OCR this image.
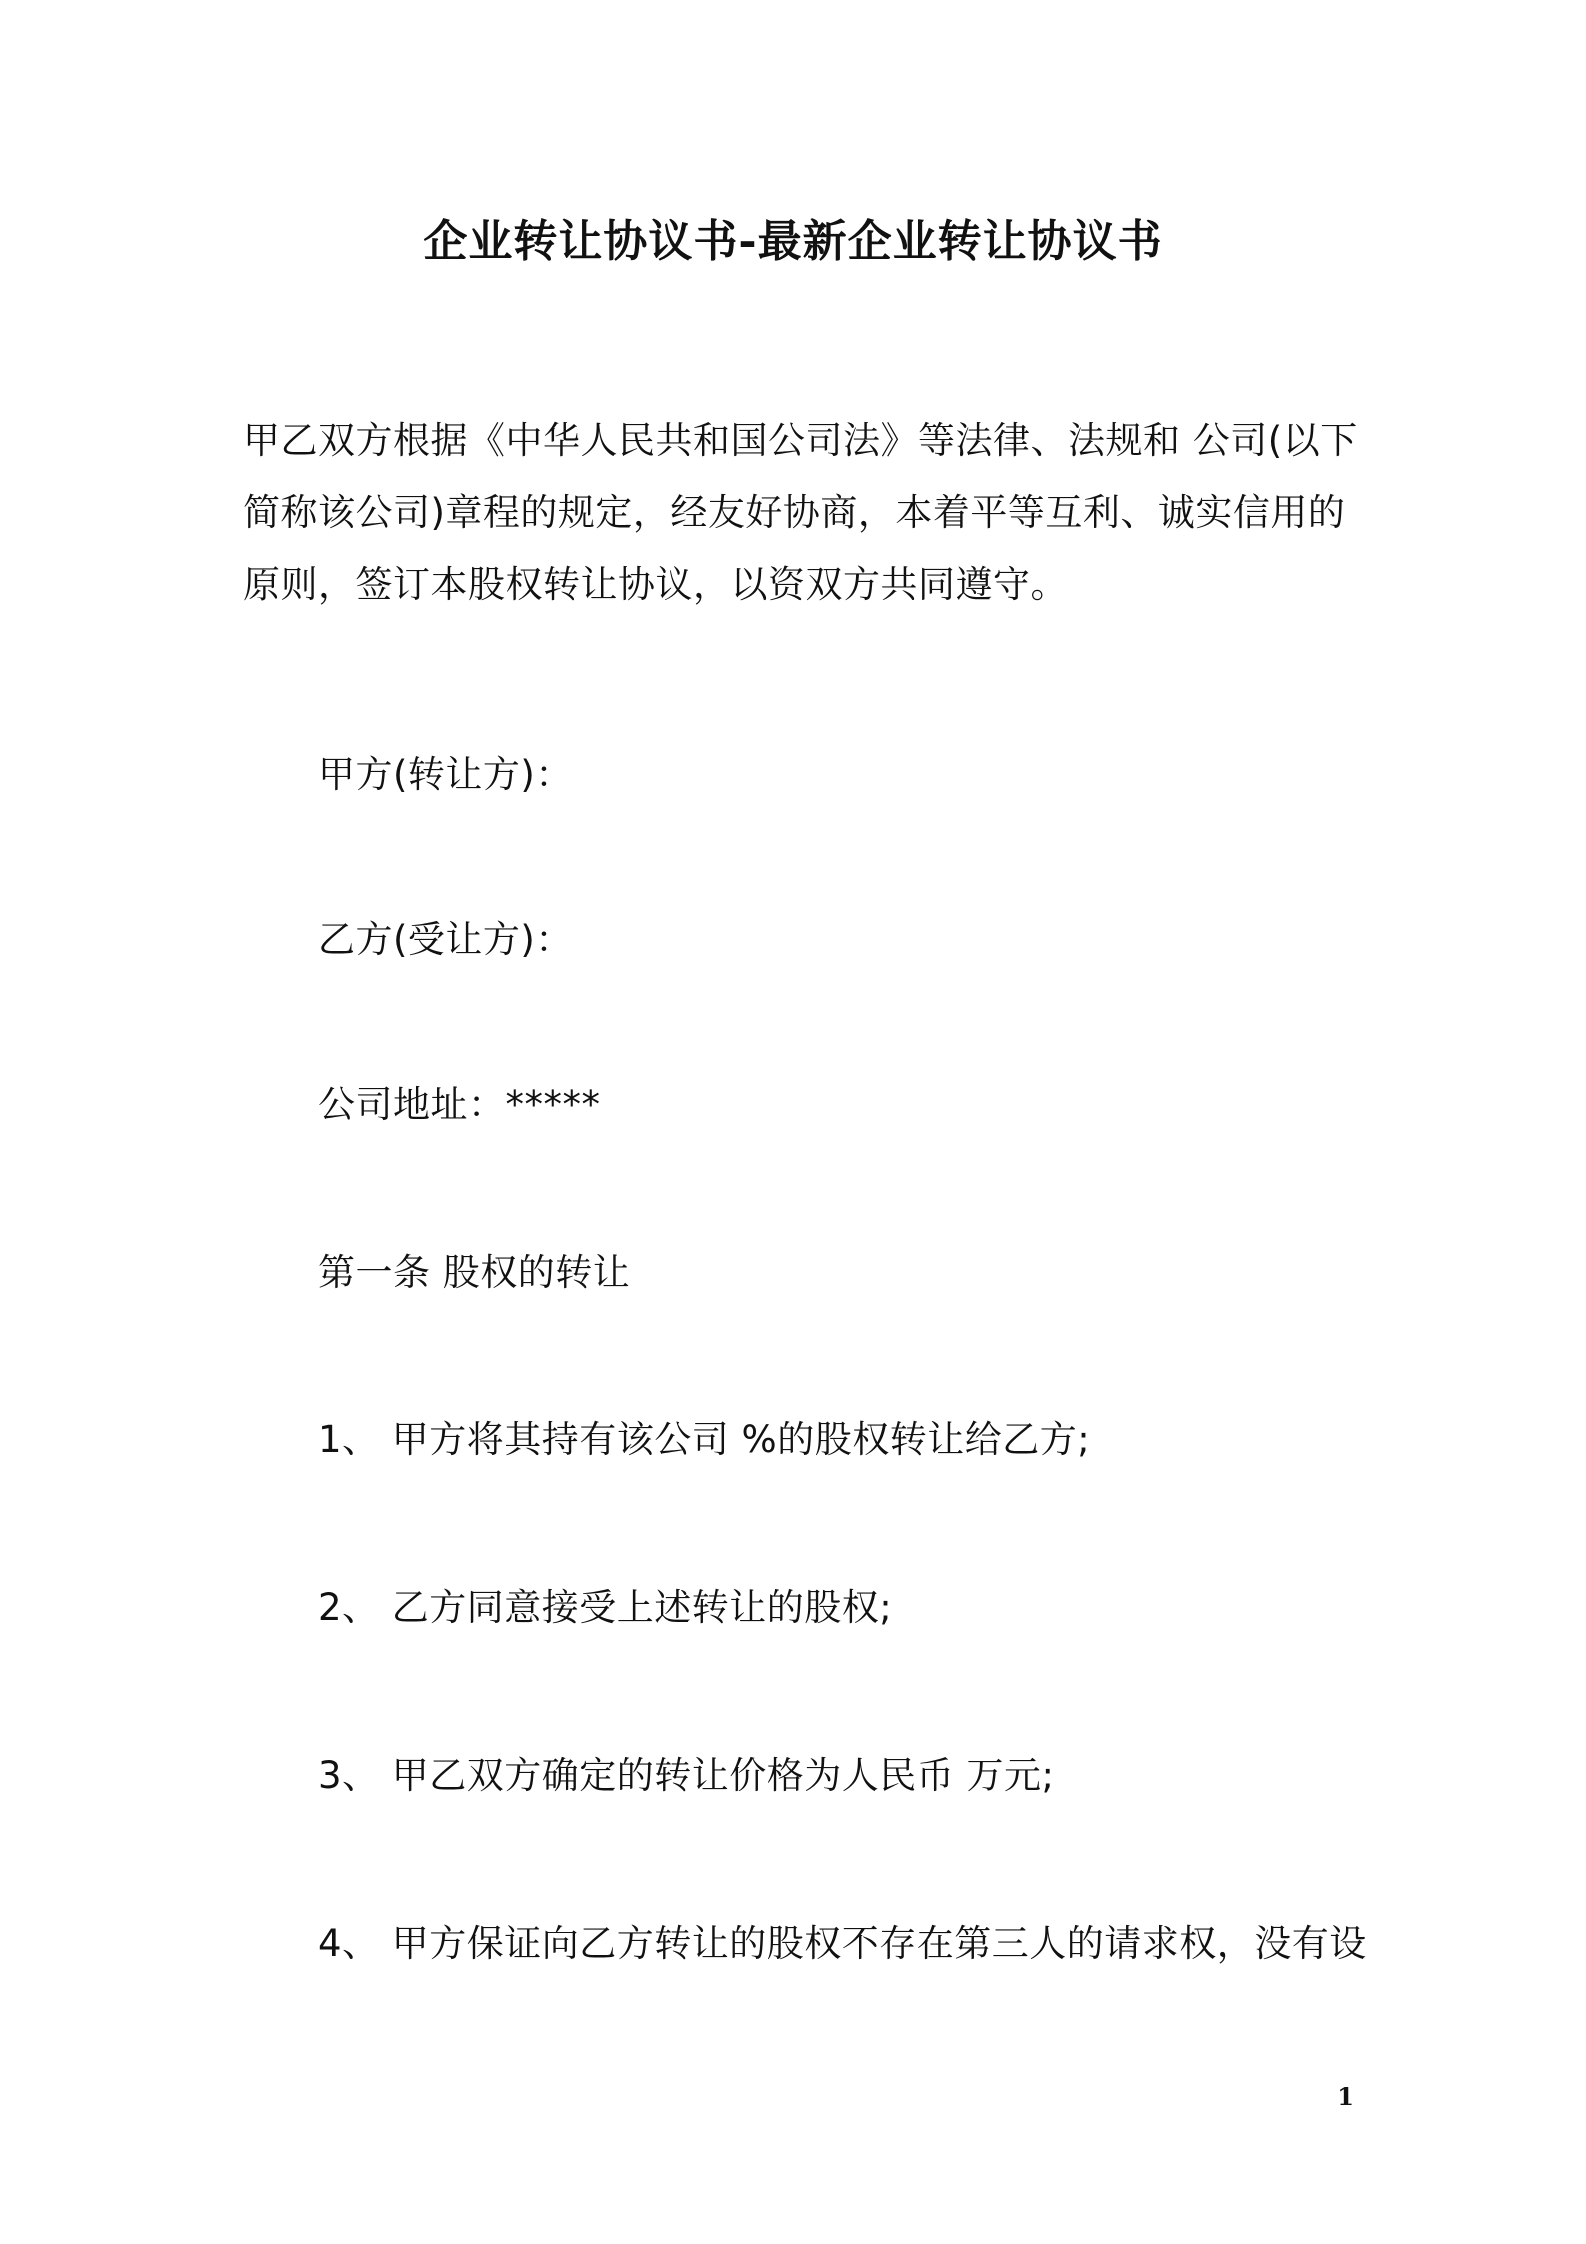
企业转让协议书-最新企业转让协议书
甲乙双方根据《中华人民共和国公司法》等法律、法规和 公司(以下简称该公司)章程的规定，经友好协商，本着平等互利、诚实信用的原则，签订本股权转让协议，以资双方共同遵守。
甲方(转让方)：
乙方(受让方)：
公司地址：*****
第一条 股权的转让
1、 甲方将其持有该公司 %的股权转让给乙方;
2、 乙方同意接受上述转让的股权;
3、 甲乙双方确定的转让价格为人民币 万元;
4、 甲方保证向乙方转让的股权不存在第三人的请求权，没有设
1
